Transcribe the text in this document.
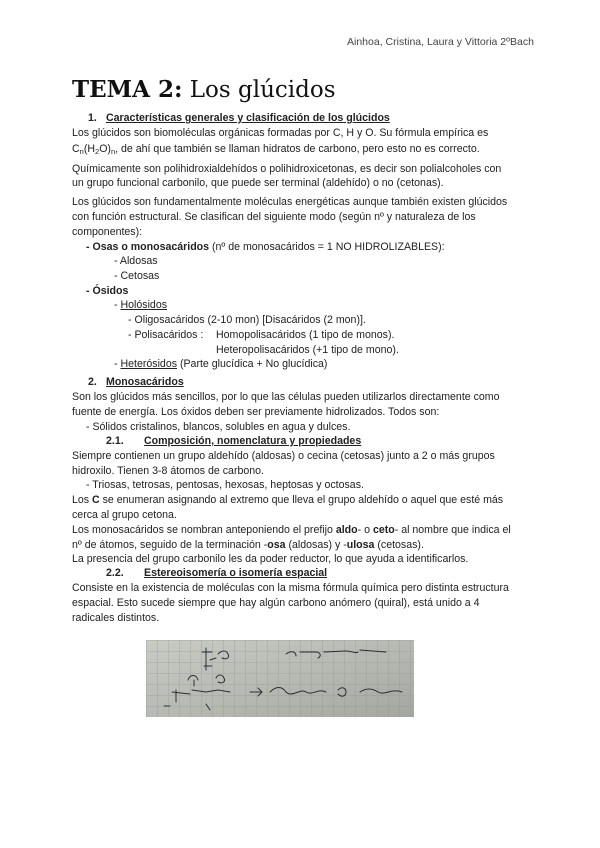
Ainhoa, Cristina, Laura y Vittoria 2ºBach
TEMA 2: Los glúcidos
1. Características generales y clasificación de los glúcidos
Los glúcidos son biomoléculas orgánicas formadas por C, H y O. Su fórmula empírica es
$C_n(H_2O)_n$, de ahí que también se llaman hidratos de carbono, pero esto no es correcto.
Químicamente son polihidroxialdehídos o polihidroxicetonas, es decir son polialcoholes con
un grupo funcional carbonilo, que puede ser terminal (aldehído) o no (cetonas).
Los glúcidos son fundamentalmente moléculas energéticas aunque también existen glúcidos
con función estructural. Se clasifican del siguiente modo (según nº y naturaleza de los
componentes):
- Osas o monosacáridos (nº de monosacáridos = 1 NO HIDROLIZABLES):
- Aldosas
- Cetosas
- Ósidos
- Holósidos
- Oligosacáridos (2-10 mon) [Disacáridos (2 mon)].
- Polisacáridos : Homopolisacáridos (1 tipo de monos).
Heteropolisacáridos (+1 tipo de mono).
- Heterósidos (Parte glucídica + No glucídica)
2. Monosacáridos
Son los glúcidos más sencillos, por lo que las células pueden utilizarlos directamente como
fuente de energía. Los óxidos deben ser previamente hidrolizados. Todos son:
- Sólidos cristalinos, blancos, solubles en agua y dulces.
2.1. Composición, nomenclatura y propiedades
Siempre contienen un grupo aldehído (aldosas) o cecina (cetosas) junto a 2 o más grupos
hidroxilo. Tienen 3-8 átomos de carbono.
- Triosas, tetrosas, pentosas, hexosas, heptosas y octosas.
Los C se enumeran asignando al extremo que lleva el grupo aldehído o aquel que esté más
cerca al grupo cetona.
Los monosacáridos se nombran anteponiendo el prefijo aldo- o ceto- al nombre que indica el
nº de átomos, seguido de la terminación -osa (aldosas) y -ulosa (cetosas).
La presencia del grupo carbonilo les da poder reductor, lo que ayuda a identificarlos.
2.2. Estereoisomería o isomería espacial
Consiste en la existencia de moléculas con la misma fórmula química pero distinta estructura
espacial. Esto sucede siempre que hay algún carbono anómero (quiral), está unido a 4
radicales distintos.
